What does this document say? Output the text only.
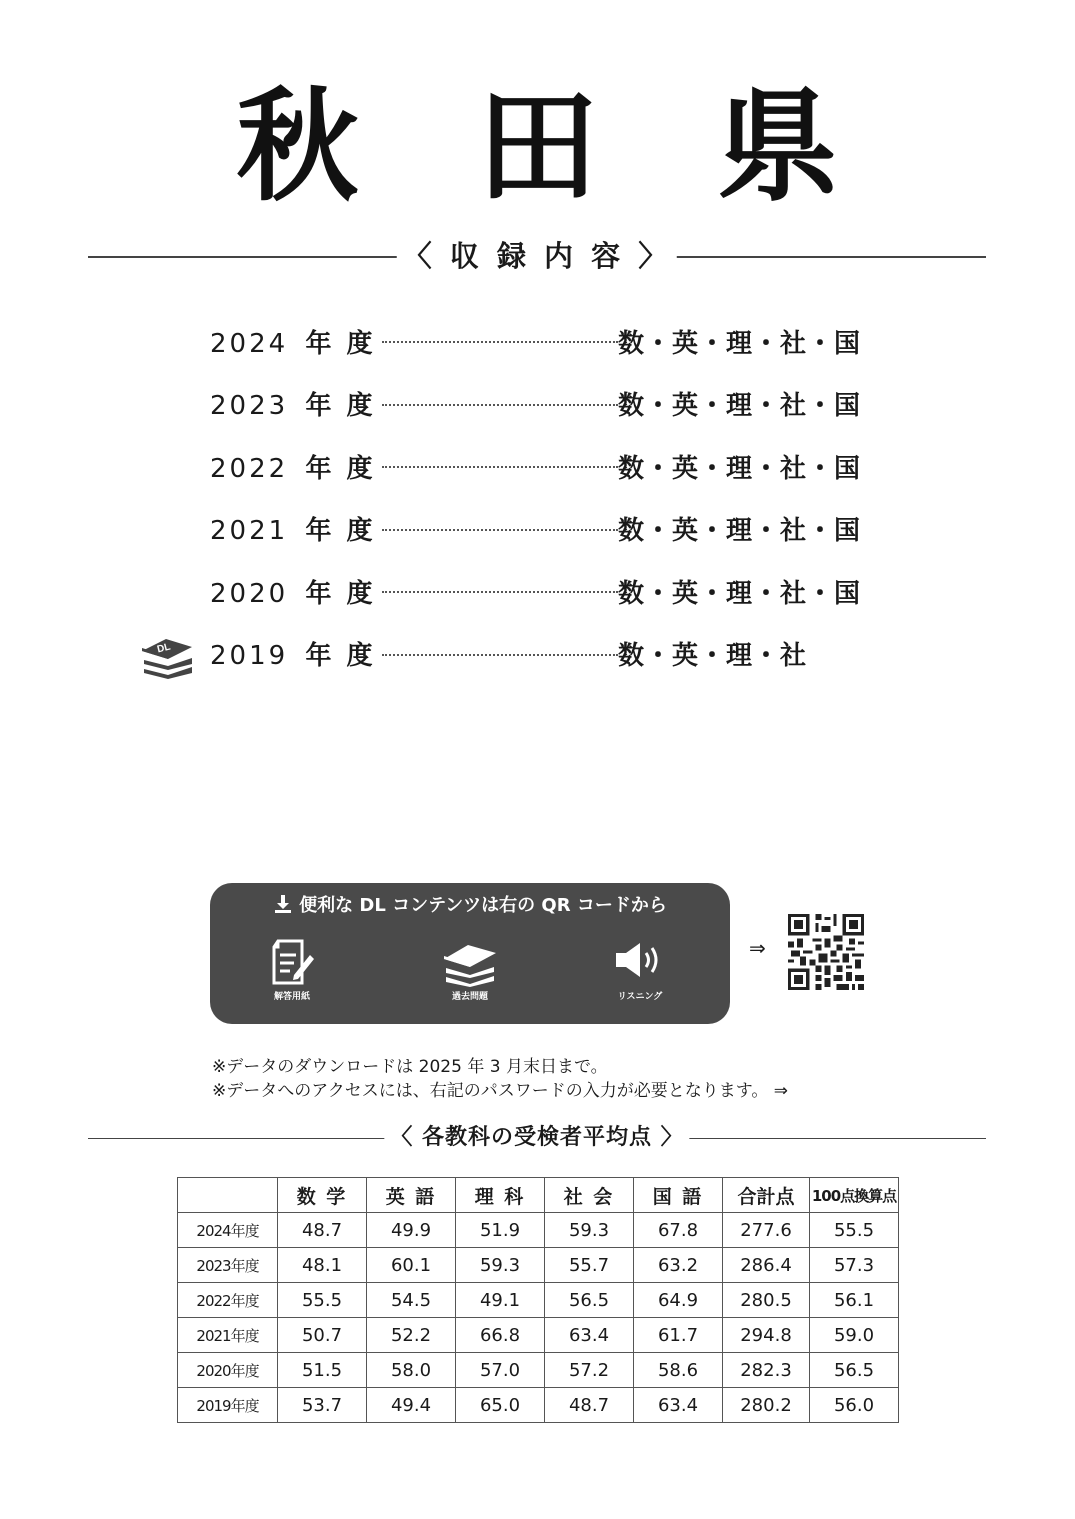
秋 田 県
〈 収 録 内 容 〉
2024 年 度	数・英・理・社・国
2023 年 度	数・英・理・社・国
2022 年 度	数・英・理・社・国
2021 年 度	数・英・理・社・国
2020 年 度	数・英・理・社・国
DL 2019 年 度	数・英・理・社
便利な DL コンテンツは右の QR コードから
解答用紙	過去問題	リスニング
⇒
※データのダウンロードは 2025 年 3 月末日まで。
※データへのアクセスには、右記のパスワードの入力が必要となります。 ⇒
〈 各教科の受検者平均点 〉
	数 学	英 語	理 科	社 会	国 語	合計点	100点換算点
2024年度	48.7	49.9	51.9	59.3	67.8	277.6	55.5
2023年度	48.1	60.1	59.3	55.7	63.2	286.4	57.3
2022年度	55.5	54.5	49.1	56.5	64.9	280.5	56.1
2021年度	50.7	52.2	66.8	63.4	61.7	294.8	59.0
2020年度	51.5	58.0	57.0	57.2	58.6	282.3	56.5
2019年度	53.7	49.4	65.0	48.7	63.4	280.2	56.0
